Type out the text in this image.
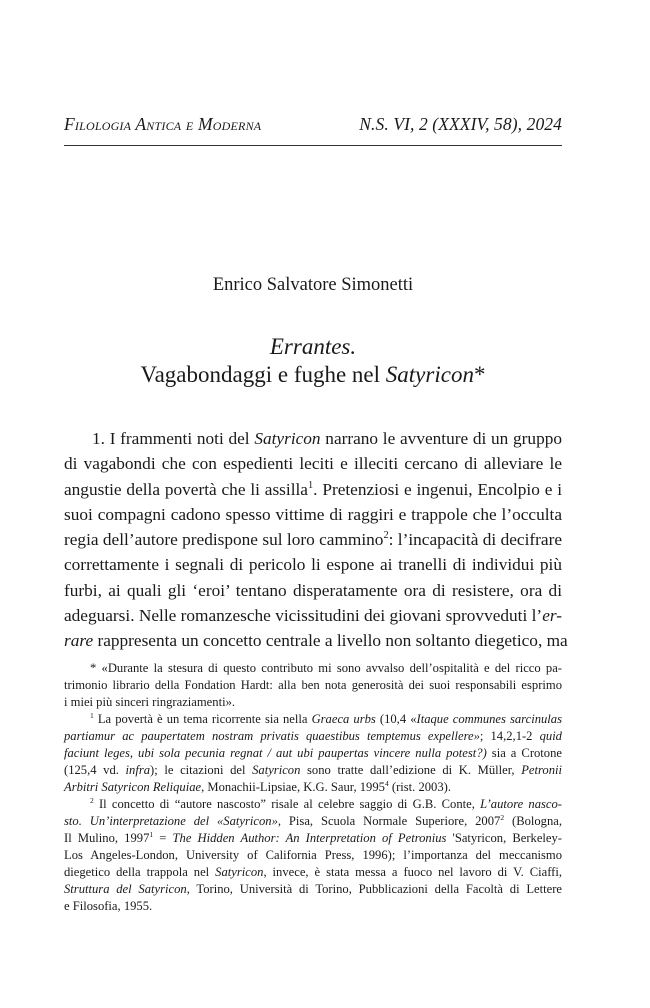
Filologia Antica e Moderna	N.S. VI, 2 (XXXIV, 58), 2024
Enrico Salvatore Simonetti
Errantes.
Vagabondaggi e fughe nel Satyricon*
1. I frammenti noti del Satyricon narrano le avventure di un gruppo
di vagabondi che con espedienti leciti e illeciti cercano di alleviare le
angustie della povertà che li assilla$^1$. Pretenziosi e ingenui, Encolpio e i
suoi compagni cadono spesso vittime di raggiri e trappole che l’occulta
regia dell’autore predispone sul loro cammino$^2$: l’incapacità di decifrare
correttamente i segnali di pericolo li espone ai tranelli di individui più
furbi, ai quali gli ‘eroi’ tentano disperatamente ora di resistere, ora di
adeguarsi. Nelle romanzesche vicissitudini dei giovani sprovveduti l’er-
rare rappresenta un concetto centrale a livello non soltanto diegetico, ma
* «Durante la stesura di questo contributo mi sono avvalso dell’ospitalità e del ricco pa-
trimonio librario della Fondation Hardt: alla ben nota generosità dei suoi responsabili esprimo
i miei più sinceri ringraziamenti».
$^1$ La povertà è un tema ricorrente sia nella Graeca urbs (10,4 «Itaque communes sarcinulas
partiamur ac paupertatem nostram privatis quaestibus temptemus expellere»; 14,2,1-2 quid
faciunt leges, ubi sola pecunia regnat / aut ubi paupertas vincere nulla potest?) sia a Crotone
(125,4 vd. infra); le citazioni del Satyricon sono tratte dall’edizione di K. Müller, Petronii
Arbitri Satyricon Reliquiae, Monachii-Lipsiae, K.G. Saur, 1995$^4$ (rist. 2003).
$^2$ Il concetto di “autore nascosto” risale al celebre saggio di G.B. Conte, L’autore nasco-
sto. Un’interpretazione del «Satyricon», Pisa, Scuola Normale Superiore, 2007$^2$ (Bologna,
Il Mulino, $1997^1$ = The Hidden Author: An Interpretation of Petronius 'Satyricon, Berkeley-
Los Angeles-London, University of California Press, 1996); l’importanza del meccanismo
diegetico della trappola nel Satyricon, invece, è stata messa a fuoco nel lavoro di V. Ciaffi,
Struttura del Satyricon, Torino, Università di Torino, Pubblicazioni della Facoltà di Lettere
e Filosofia, 1955.
